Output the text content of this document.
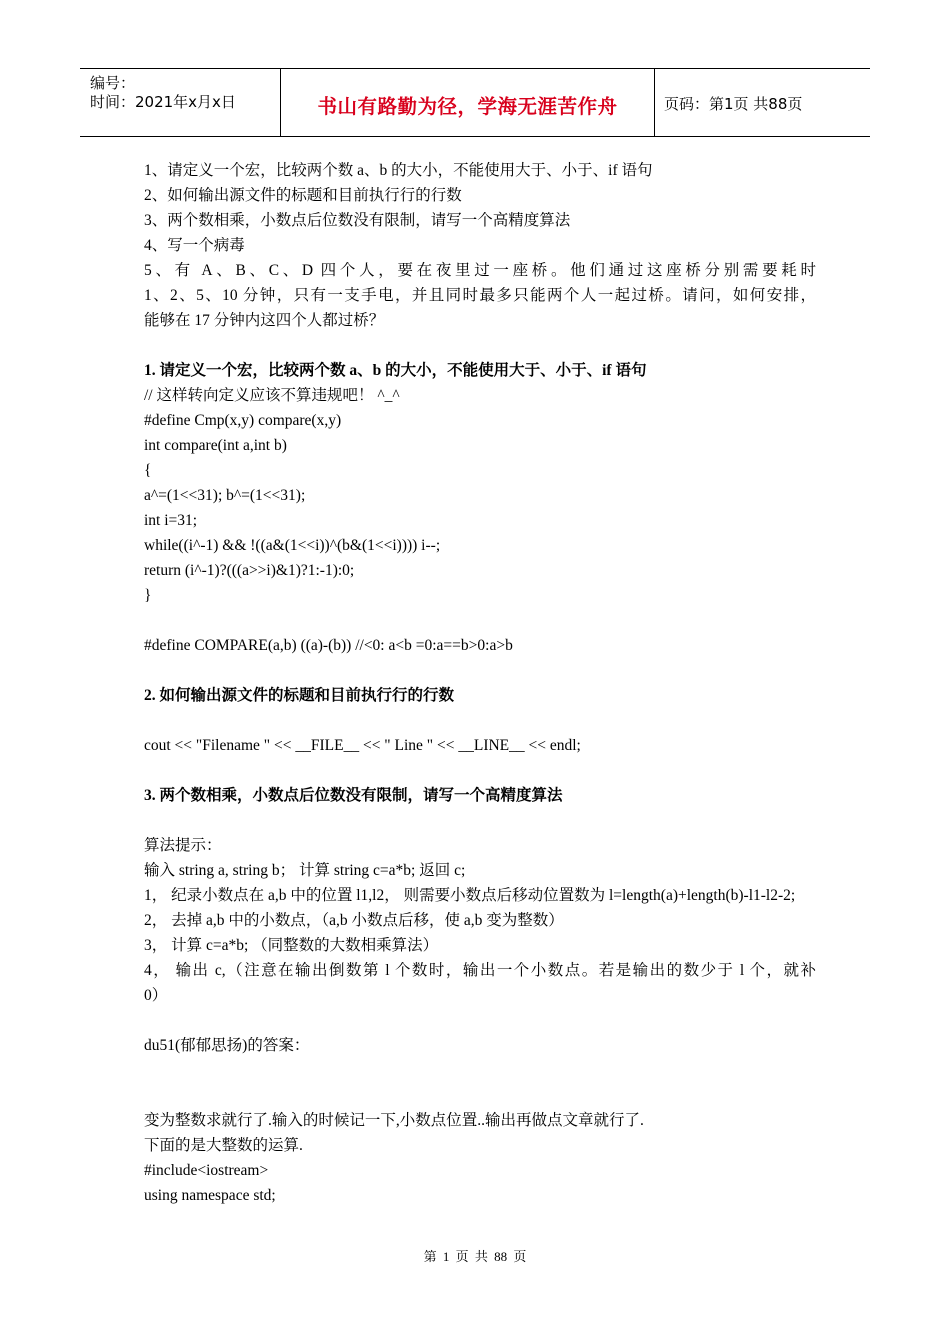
编号：
时间：2021年x月x日	书山有路勤为径，学海无涯苦作舟	页码：第1页 共88页

1、请定义一个宏，比较两个数 a、b 的大小，不能使用大于、小于、if 语句

2、如何输出源文件的标题和目前执行行的行数

3、两个数相乘，小数点后位数没有限制，请写一个高精度算法

4、写一个病毒

5、有 A、B、C、D 四个人，要在夜里过一座桥。他们通过这座桥分别需要耗时

1、2、5、10 分钟，只有一支手电，并且同时最多只能两个人一起过桥。请问，如何安排，

能够在 17 分钟内这四个人都过桥？

1. 请定义一个宏，比较两个数 a、b 的大小，不能使用大于、小于、if 语句

// 这样转向定义应该不算违规吧！ ^_^

#define Cmp(x,y) compare(x,y)

int compare(int a,int b)

{

a^=(1<<31); b^=(1<<31);

int i=31;

while((i^-1) && !((a&(1<<i))^(b&(1<<i)))) i--;

return (i^-1)?(((a>>i)&1)?1:-1):0;

}

#define COMPARE(a,b) ((a)-(b)) //<0: a<b =0:a==b>0:a>b

2. 如何输出源文件的标题和目前执行行的行数

cout << "Filename " << __FILE__ << " Line " << __LINE__ << endl;

3. 两个数相乘，小数点后位数没有限制，请写一个高精度算法

算法提示：

输入 string a, string b； 计算 string c=a*b; 返回 c;

1， 纪录小数点在 a,b 中的位置 l1,l2， 则需要小数点后移动位置数为 l=length(a)+length(b)-l1-l2-2;

2， 去掉 a,b 中的小数点，（a,b 小数点后移，使 a,b 变为整数）

3， 计算 c=a*b; （同整数的大数相乘算法）

4， 输出 c,（注意在输出倒数第 l 个数时，输出一个小数点。若是输出的数少于 l 个，就补

0）

du51(郁郁思扬)的答案：

变为整数求就行了.输入的时候记一下,小数点位置..输出再做点文章就行了.

下面的是大整数的运算.

#include<iostream>

using namespace std;

第 1 页 共 88 页
